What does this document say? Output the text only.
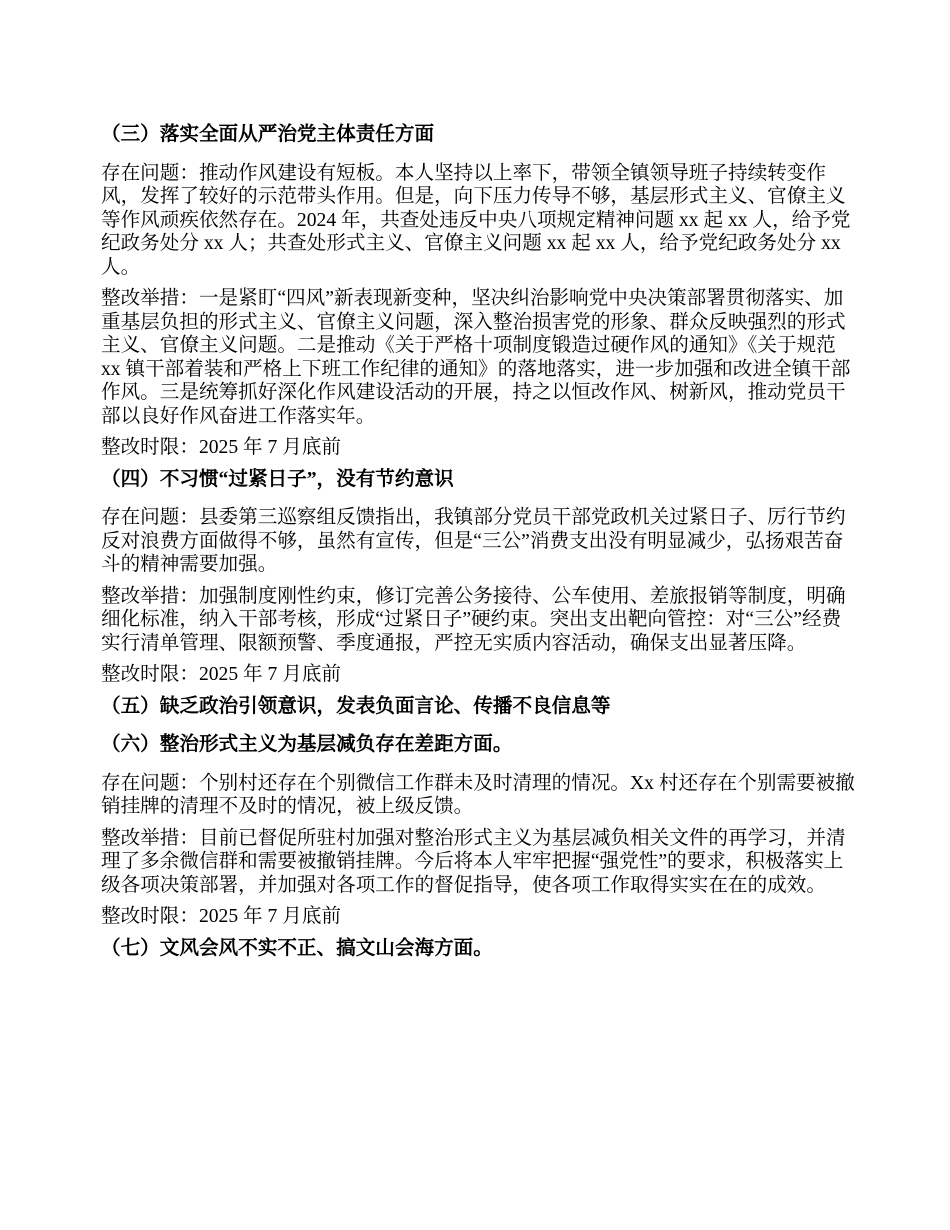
（三）落实全面从严治党主体责任方面
存在问题：推动作风建设有短板。本人坚持以上率下，带领全镇领导班子持续转变作风，发挥了较好的示范带头作用。但是，向下压力传导不够，基层形式主义、官僚主义等作风顽疾依然存在。2024 年，共查处违反中央八项规定精神问题 xx 起 xx 人，给予党纪政务处分 xx 人；共查处形式主义、官僚主义问题 xx 起 xx 人，给予党纪政务处分 xx 人。
整改举措：一是紧盯“四风”新表现新变种，坚决纠治影响党中央决策部署贯彻落实、加重基层负担的形式主义、官僚主义问题，深入整治损害党的形象、群众反映强烈的形式主义、官僚主义问题。二是推动《关于严格十项制度锻造过硬作风的通知》《关于规范 xx 镇干部着装和严格上下班工作纪律的通知》的落地落实，进一步加强和改进全镇干部作风。三是统筹抓好深化作风建设活动的开展，持之以恒改作风、树新风，推动党员干部以良好作风奋进工作落实年。
整改时限：2025 年 7 月底前
（四）不习惯“过紧日子”，没有节约意识
存在问题：县委第三巡察组反馈指出，我镇部分党员干部党政机关过紧日子、厉行节约反对浪费方面做得不够，虽然有宣传，但是“三公”消费支出没有明显减少，弘扬艰苦奋斗的精神需要加强。
整改举措：加强制度刚性约束，修订完善公务接待、公车使用、差旅报销等制度，明确细化标准，纳入干部考核，形成“过紧日子”硬约束。突出支出靶向管控：对“三公”经费实行清单管理、限额预警、季度通报，严控无实质内容活动，确保支出显著压降。
整改时限：2025 年 7 月底前
（五）缺乏政治引领意识，发表负面言论、传播不良信息等
（六）整治形式主义为基层减负存在差距方面。
存在问题：个别村还存在个别微信工作群未及时清理的情况。Xx 村还存在个别需要被撤销挂牌的清理不及时的情况，被上级反馈。
整改举措：目前已督促所驻村加强对整治形式主义为基层减负相关文件的再学习，并清理了多余微信群和需要被撤销挂牌。今后将本人牢牢把握“强党性”的要求，积极落实上级各项决策部署，并加强对各项工作的督促指导，使各项工作取得实实在在的成效。
整改时限：2025 年 7 月底前
（七）文风会风不实不正、搞文山会海方面。
